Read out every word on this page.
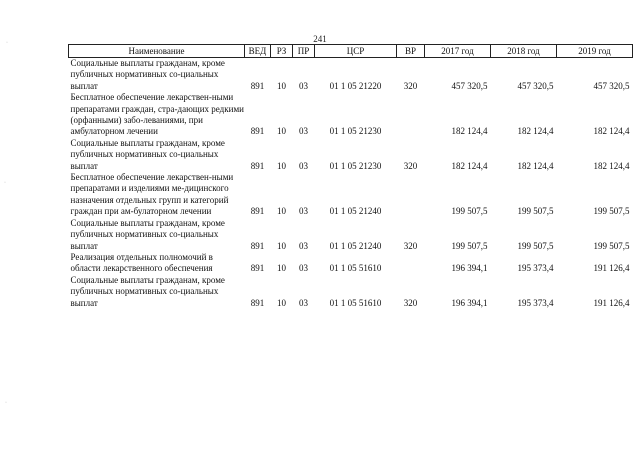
241
·
·
·
Наименование	ВЕД	РЗ	ПР	ЦСР	ВР	2017 год	2018 год	2019 год
Социальные выплаты гражданам, кроме публичных нормативных со-циальных выплат	891	10	03	01 1 05 21220	320	457 320,5	457 320,5	457 320,5
Бесплатное обеспечение лекарствен-ными препаратами граждан, стра-дающих редкими (орфанными) забо-леваниями, при амбулаторном лечении	891	10	03	01 1 05 21230		182 124,4	182 124,4	182 124,4
Социальные выплаты гражданам, кроме публичных нормативных со-циальных выплат	891	10	03	01 1 05 21230	320	182 124,4	182 124,4	182 124,4
Бесплатное обеспечение лекарствен-ными препаратами и изделиями ме-дицинского назначения отдельных групп и категорий граждан при ам-булаторном лечении	891	10	03	01 1 05 21240		199 507,5	199 507,5	199 507,5
Социальные выплаты гражданам, кроме публичных нормативных со-циальных выплат	891	10	03	01 1 05 21240	320	199 507,5	199 507,5	199 507,5
Реализация отдельных полномочий в области лекарственного обеспечения	891	10	03	01 1 05 51610		196 394,1	195 373,4	191 126,4
Социальные выплаты гражданам, кроме публичных нормативных со-циальных выплат	891	10	03	01 1 05 51610	320	196 394,1	195 373,4	191 126,4
